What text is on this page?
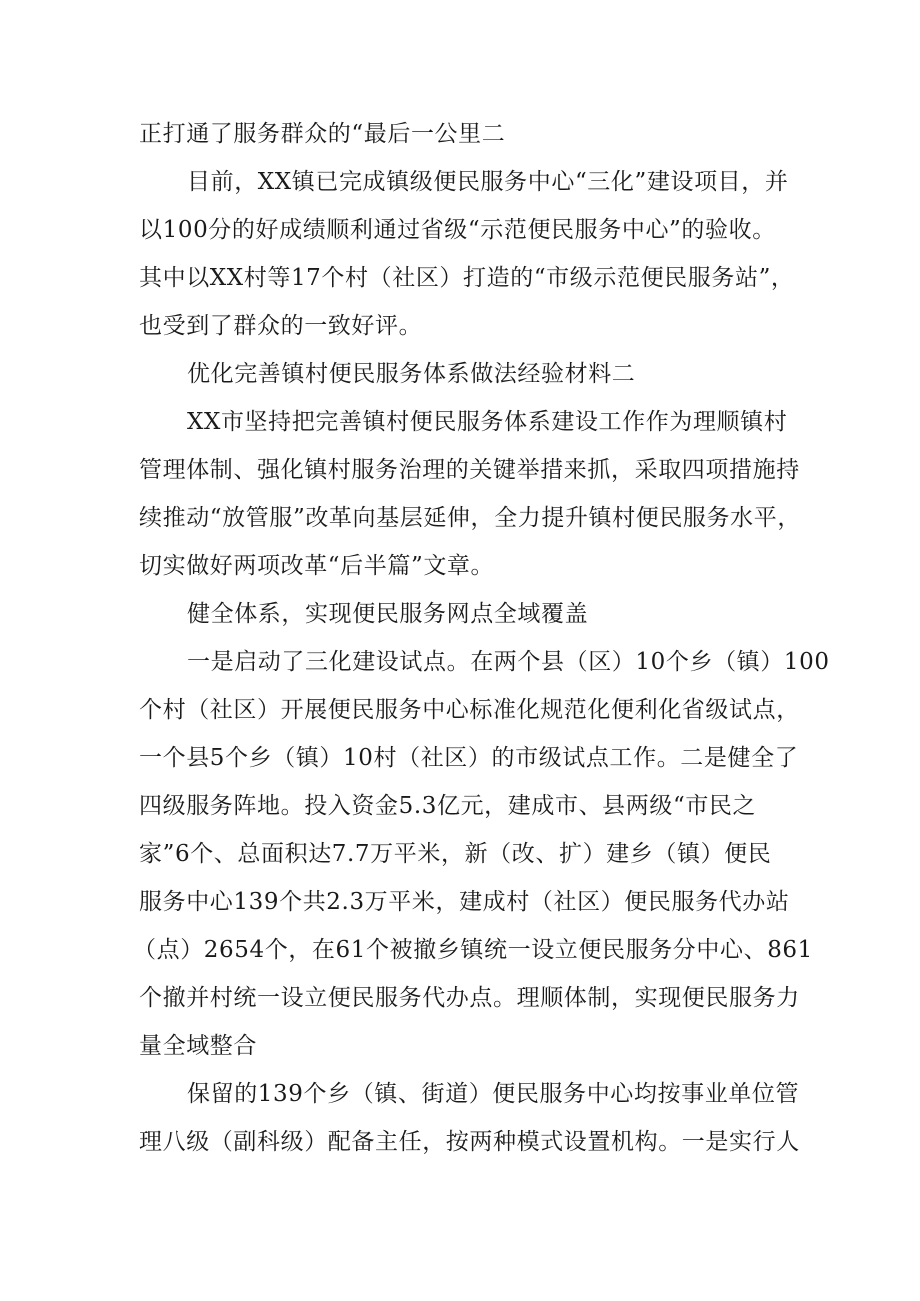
正打通了服务群众的“最后一公里二
目前，XX镇已完成镇级便民服务中心“三化”建设项目，并
以100分的好成绩顺利通过省级“示范便民服务中心”的验收。
其中以XX村等17个村（社区）打造的“市级示范便民服务站”，
也受到了群众的一致好评。
优化完善镇村便民服务体系做法经验材料二
XX市坚持把完善镇村便民服务体系建设工作作为理顺镇村
管理体制、强化镇村服务治理的关键举措来抓，采取四项措施持
续推动“放管服”改革向基层延伸，全力提升镇村便民服务水平，
切实做好两项改革“后半篇”文章。
健全体系，实现便民服务网点全域覆盖
一是启动了三化建设试点。在两个县（区）10个乡（镇）100
个村（社区）开展便民服务中心标准化规范化便利化省级试点，
一个县5个乡（镇）10村（社区）的市级试点工作。二是健全了
四级服务阵地。投入资金5.3亿元，建成市、县两级“市民之
家”6个、总面积达7.7万平米，新（改、扩）建乡（镇）便民
服务中心139个共2.3万平米，建成村（社区）便民服务代办站
（点）2654个，在61个被撤乡镇统一设立便民服务分中心、861
个撤并村统一设立便民服务代办点。理顺体制，实现便民服务力
量全域整合
保留的139个乡（镇、街道）便民服务中心均按事业单位管
理八级（副科级）配备主任，按两种模式设置机构。一是实行人
